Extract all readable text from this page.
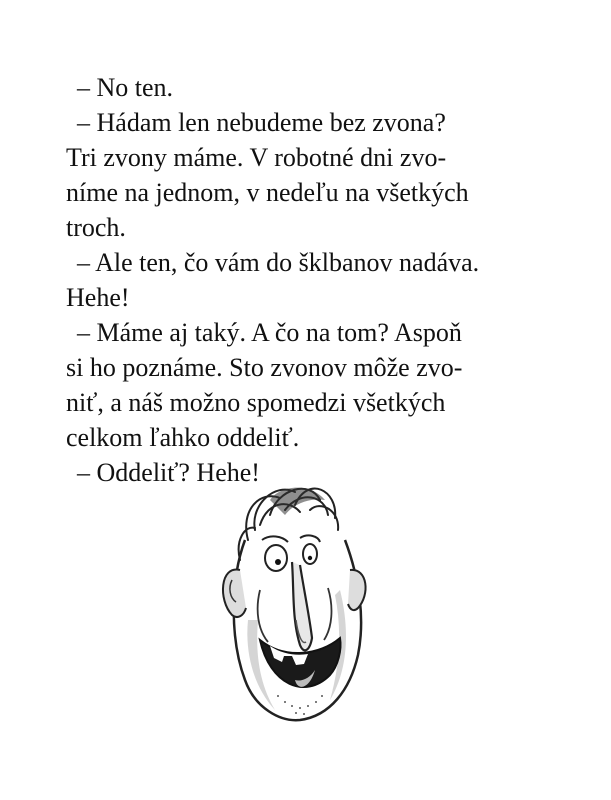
– No ten.
– Hádam len nebudeme bez zvona?
Tri zvony máme. V robotné dni zvo-
níme na jednom, v nedeľu na všetkých
troch.
– Ale ten, čo vám do šklbanov nadáva.
Hehe!
– Máme aj taký. A čo na tom? Aspoň
si ho poznáme. Sto zvonov môže zvo-
niť, a náš možno spomedzi všetkých
celkom ľahko oddeliť.
– Oddeliť? Hehe!
